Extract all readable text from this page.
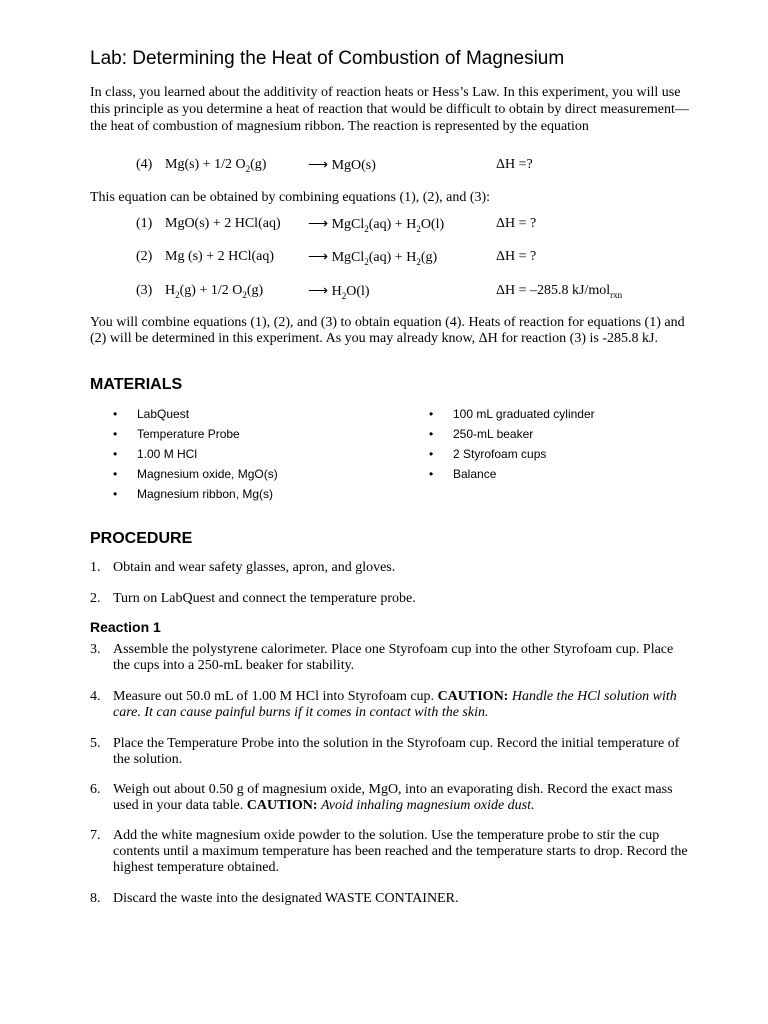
Lab: Determining the Heat of Combustion of Magnesium
In class, you learned about the additivity of reaction heats or Hess’s Law. In this experiment, you will use this principle as you determine a heat of reaction that would be difficult to obtain by direct measurement—the heat of combustion of magnesium ribbon. The reaction is represented by the equation
(4) Mg(s) + 1/2 $O_2(g)$	⟶ MgO(s)	ΔH =?
This equation can be obtained by combining equations (1), (2), and (3):
(1) MgO(s) + 2 HCl(aq) ⟶ MgCl$_2$(aq) + $H_2O(l)$	ΔH = ?
(2) Mg (s) + 2 HCl(aq) ⟶ MgCl$_2$(aq) + $H_2(g)$	ΔH = ?
(3) $H_2(g) + 1/2$ $O_2(g)$	⟶ $H_2O(l)$	ΔH = –285.8 kJ/mol$_{rxn}$
You will combine equations (1), (2), and (3) to obtain equation (4). Heats of reaction for equations (1) and (2) will be determined in this experiment. As you may already know, ΔH for reaction (3) is -285.8 kJ.
MATERIALS
• LabQuest
• Temperature Probe
• 1.00 M HCl
• Magnesium oxide, MgO(s)
• Magnesium ribbon, Mg(s)
• 100 mL graduated cylinder
• 250-mL beaker
• 2 Styrofoam cups
• Balance
PROCEDURE
1. Obtain and wear safety glasses, apron, and gloves.
2. Turn on LabQuest and connect the temperature probe.
Reaction 1
3. Assemble the polystyrene calorimeter. Place one Styrofoam cup into the other Styrofoam cup. Place the cups into a 250-mL beaker for stability.
4. Measure out 50.0 mL of 1.00 M HCl into Styrofoam cup. CAUTION: Handle the HCl solution with care. It can cause painful burns if it comes in contact with the skin.
5. Place the Temperature Probe into the solution in the Styrofoam cup. Record the initial temperature of the solution.
6. Weigh out about 0.50 g of magnesium oxide, MgO, into an evaporating dish. Record the exact mass used in your data table. CAUTION: Avoid inhaling magnesium oxide dust.
7. Add the white magnesium oxide powder to the solution. Use the temperature probe to stir the cup contents until a maximum temperature has been reached and the temperature starts to drop. Record the highest temperature obtained.
8. Discard the waste into the designated WASTE CONTAINER.
